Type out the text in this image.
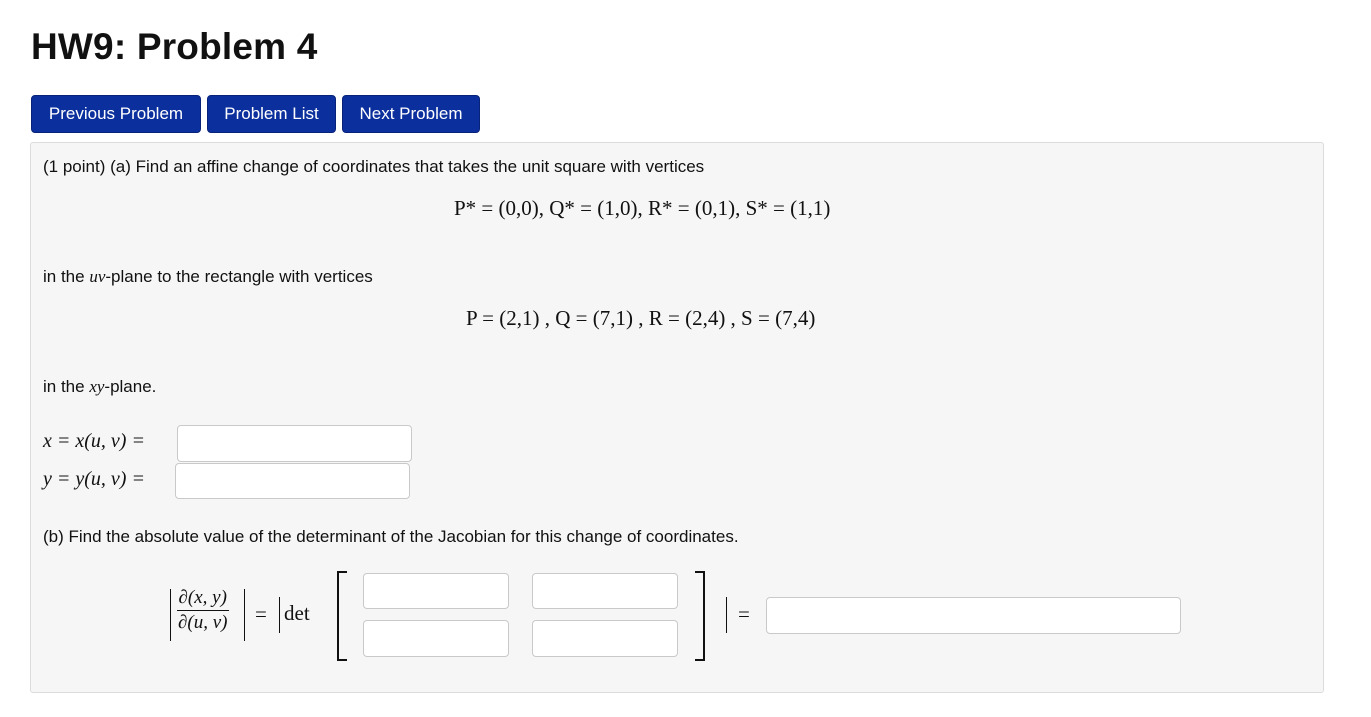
HW9: Problem 4
Previous Problem	Problem List	Next Problem
(1 point) (a) Find an affine change of coordinates that takes the unit square with vertices
P* = (0,0), Q* = (1,0), R* = (0,1), S* = (1,1)
in the uv-plane to the rectangle with vertices
P = (2,1) , Q = (7,1) , R = (2,4) , S = (7,4)
in the xy-plane.
x = x(u, v) =
y = y(u, v) =
(b) Find the absolute value of the determinant of the Jacobian for this change of coordinates.
$\frac{\partial(x, y)}{\partial(u, v)} = \det$	=
